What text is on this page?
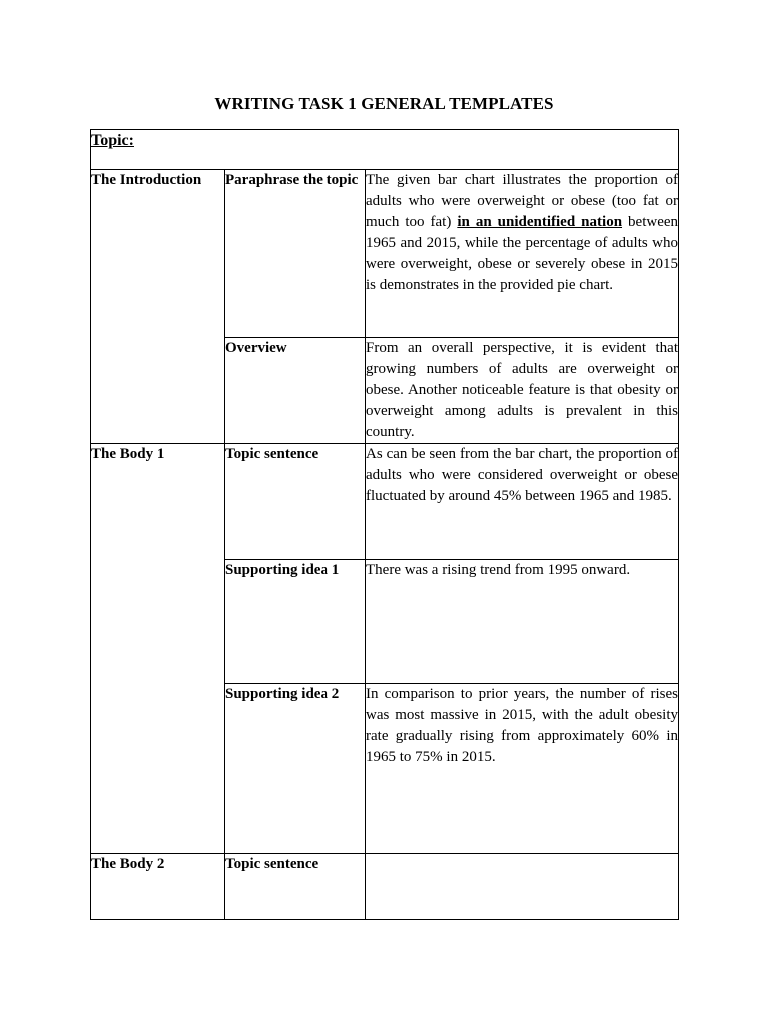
WRITING TASK 1 GENERAL TEMPLATES
Topic:		
The Introduction	Paraphrase the topic	The given bar chart illustrates the proportion of adults who were overweight or obese (too fat or much too fat) in an unidentified nation between 1965 and 2015, while the percentage of adults who were overweight, obese or severely obese in 2015 is demonstrates in the provided pie chart.
	Overview	From an overall perspective, it is evident that growing numbers of adults are overweight or obese. Another noticeable feature is that obesity or overweight among adults is prevalent in this country.
The Body 1	Topic sentence	As can be seen from the bar chart, the proportion of adults who were considered overweight or obese fluctuated by around 45% between 1965 and 1985.
	Supporting idea 1	There was a rising trend from 1995 onward.
	Supporting idea 2	In comparison to prior years, the number of rises was most massive in 2015, with the adult obesity rate gradually rising from approximately 60% in 1965 to 75% in 2015.
The Body 2	Topic sentence	
